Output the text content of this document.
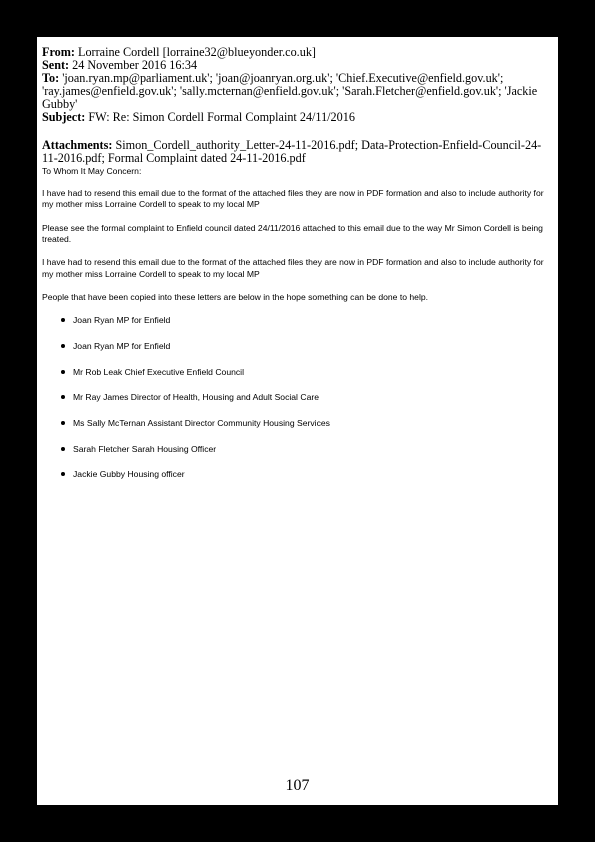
From: Lorraine Cordell [lorraine32@blueyonder.co.uk]
Sent: 24 November 2016 16:34
To: 'joan.ryan.mp@parliament.uk'; 'joan@joanryan.org.uk'; 'Chief.Executive@enfield.gov.uk'; 'ray.james@enfield.gov.uk'; 'sally.mcternan@enfield.gov.uk'; 'Sarah.Fletcher@enfield.gov.uk'; 'Jackie Gubby'
Subject: FW: Re: Simon Cordell Formal Complaint 24/11/2016
Attachments: Simon_Cordell_authority_Letter-24-11-2016.pdf; Data-Protection-Enfield-Council-24-11-2016.pdf; Formal Complaint dated 24-11-2016.pdf

To Whom It May Concern:

I have had to resend this email due to the format of the attached files they are now in PDF formation and also to include authority for my mother miss Lorraine Cordell to speak to my local MP

Please see the formal complaint to Enfield council dated 24/11/2016 attached to this email due to the way Mr Simon Cordell is being treated.

I have had to resend this email due to the format of the attached files they are now in PDF formation and also to include authority for my mother miss Lorraine Cordell to speak to my local MP

People that have been copied into these letters are below in the hope something can be done to help.

Joan Ryan MP for Enfield
Joan Ryan MP for Enfield
Mr Rob Leak Chief Executive Enfield Council
Mr Ray James Director of Health, Housing and Adult Social Care
Ms Sally McTernan Assistant Director Community Housing Services
Sarah Fletcher Sarah Housing Officer
Jackie Gubby Housing officer
107
